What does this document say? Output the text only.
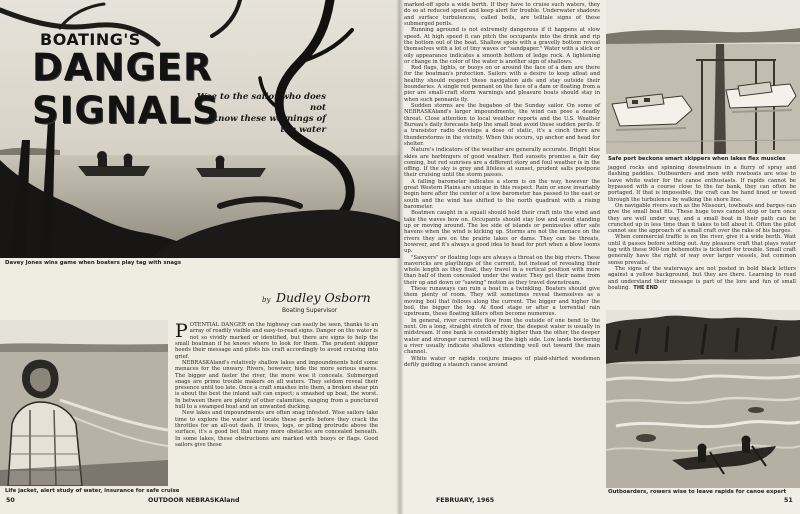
BOATING'S
DANGER SIGNALS
Woe to the sailor who does not
know these warnings of the water
Davey Jones wins game when boaters play tag with snags
by Dudley Osborn
Boating Supervisor
Life jacket, alert study of water, insurance for safe cruise

POTENTIAL DANGER on the highway can easily be seen, thanks to an array of readily visible and easy-to-read signs. Danger on the water is not so vividly marked or identified, but there are signs to help the small boatman if he knows where to look for them. The prudent skipper heeds their message and pilots his craft accordingly to avoid cruising into grief.

NEBRASKAland's relatively shallow lakes and impoundments hold some menaces for the unwary. Rivers, however, hide the more serious snares. The bigger and faster the river, the more woe it conceals. Submerged snags are prime trouble makers on all waters. They seldom reveal their presence until too late. Once a craft smashes into them, a broken shear pin is about the best the inland salt can expect; a smashed up boat, the worst. In between there are plenty of other calamities, ranging from a punctured hull to a swamped boat and an unwanted ducking.

New lakes and impoundments are often snag infested. Wise sailors take time to explore the water and locate these perils before they crack the throttles for an all-out dash. If trees, logs, or piling protrude above the surface, it's a good bet that many more obstacles are concealed beneath. In some lakes, these obstructions are marked with buoys or flags. Good sailors give these

50	OUTDOOR NEBRASKAland

marked-off spots a wide berth. If they have to cruise such waters, they do so at reduced speed and keep alert for trouble. Underwater shadows and surface turbulences, called boils, are telltale signs of these submerged perils.

Running aground is not extremely dangerous if it happens at slow speed. At high speed it can pitch the occupants into the drink and rip the bottom out of the boat. Shallow spots with a gravelly bottom reveal themselves with a lot of tiny waves or "sandpaper." Water with a slick or oily appearance indicates a smooth bottom of ledge rock. A lightening or change in the color of the water is another sign of shallows.

Red flags, lights, or buoys on or around the face of a dam are there for the boatman's protection. Sailors with a desire to keep afloat and healthy should respect these navigation aids and stay outside their boundaries. A single red pennant on the face of a dam or floating from a pier are small-craft storm warnings and pleasure boats should stay in when such pennants fly.

Sudden storms are the bugaboo of the Sunday sailor. On some of NEBRASKAland's larger impoundments, the wind can pose a deadly threat. Close attention to local weather reports and the U.S. Weather Bureau's daily forecasts help the small boat avoid these sudden perils. If a transistor radio develops a dose of static, it's a cinch there are thunderstorms in the vicinity. When this occurs, up anchor and head for shelter.

Nature's indicators of the weather are generally accurate. Bright blue skies are harbingers of good weather. Red sunsets promise a fair day coming, but red sunrises are a different story and foul weather is in the offing. If the sky is grey and lifeless at sunset, prudent salts postpone their cruising until the storm passes.

A falling barometer indicates a storm is on the way, however the great Western Plains are unique in this respect. Rain or snow invariably begin here after the center of a low barometer has passed to the east or south and the wind has shifted to the north quadrant with a rising barometer.

Boatmen caught in a squall should hold their craft into the wind and take the waves bow on. Occupants should stay low and avoid standing up or moving around. The lee side of islands or peninsulas offer safe havens when the wind is kicking up. Storms are not the menace on the rivers they are on the prairie lakes or dams. They can be threats, however, and it's always a good idea to head for port when a blow looms up.

"Sawyers" or floating logs are always a threat on the big rivers. These mavericks are playthings of the current, but instead of revealing their whole length as they float, they travel in a vertical position with more than half of them concealed under the water. They get their name from their up and down or "sawing" motion as they travel downstream.

These runaways can ruin a boat in a twinkling. Boaters should give them plenty of room. They will sometimes reveal themselves as a moving boil that follows along the current. The bigger and higher the boil, the bigger the log. At flood stage or after a torrential rain upstream, these floating killers often become numerous.

In general, river currents flow from the outside of one bend to the next. On a long, straight stretch of river, the deepest water is usually in midstream. If one bank is considerably higher than the other, the deeper water and stronger current will hug the high side. Low lands bordering a river usually indicate shallows extending well out toward the main channel.

White water or rapids conjure images of plaid-shirted woodsmen deftly guiding a staunch canoe around

Safe port beckons smart skippers when lakes flex muscles

jagged rocks and spinning downstream in a flurry of spray and flashing paddles. Outboarders and men with rowboats are wise to leave white water for the canoe enthusiasts. If rapids cannot be bypassed with a course close to the far bank, they can often be portaged. If that is impossible, the craft can be hand lined or towed through the turbulence by walking the shore line.

On navigable rivers such as the Missouri, towboats and barges can give the small boat fits. These huge tows cannot stop or turn once they are well under way, and a small boat in their path can be crunched up in less time than it takes to tell about it. Often the pilot cannot see the approach of a small craft over the rake of his barges.

When commercial traffic is on the river, give it a wide berth. Wait until it passes before setting out. Any pleasure craft that plays water tag with these 900-ton behemoths is ticketed for trouble. Small craft generally have the right of way over larger vessels, but common sense prevails.

The signs of the waterways are not posted in bold black letters against a yellow background, but they are there. Learning to read and understand their message is part of the lore and fun of small boating. THE END

Outboarders, rowers wise to leave rapids for canoe expert
FEBRUARY, 1965	51
